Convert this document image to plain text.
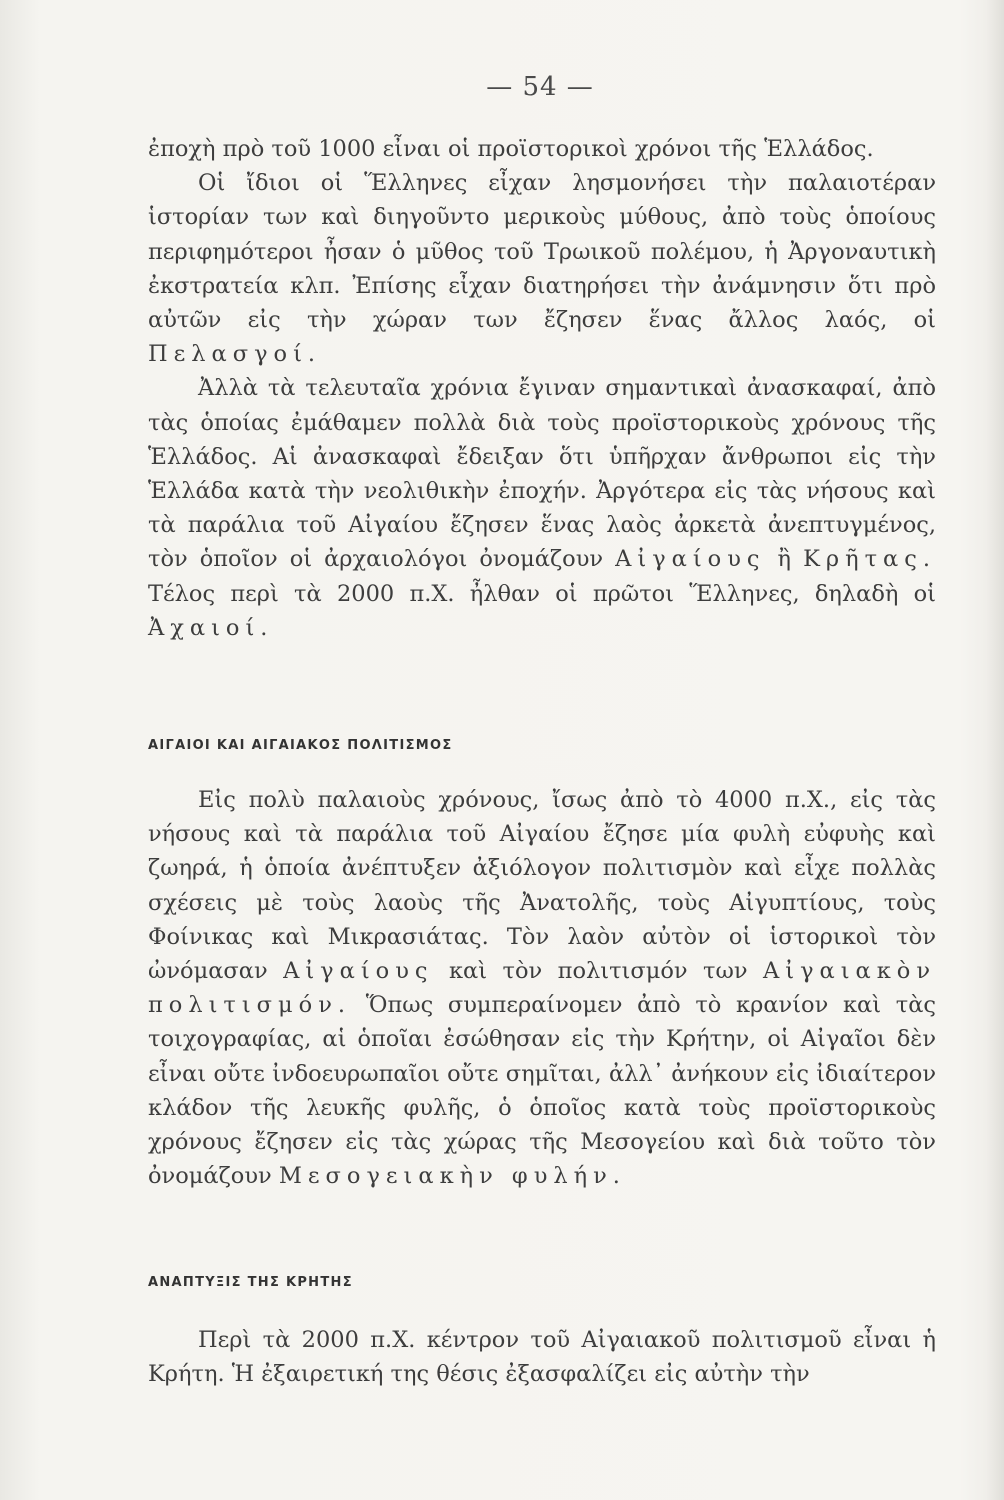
— 54 —

ἐποχὴ πρὸ τοῦ 1000 εἶναι οἱ προϊστορικοὶ χρόνοι τῆς Ἑλλάδος.

Οἱ ἴδιοι οἱ Ἕλληνες εἶχαν λησμονήσει τὴν παλαιοτέραν ἱστορίαν των καὶ διηγοῦντο μερικοὺς μύθους, ἀπὸ τοὺς ὁποίους περιφημότεροι ἦσαν ὁ μῦθος τοῦ Τρωικοῦ πολέμου, ἡ Ἀργοναυτικὴ ἐκστρατεία κλπ. Ἐπίσης εἶχαν διατηρήσει τὴν ἀνάμνησιν ὅτι πρὸ αὐτῶν εἰς τὴν χώραν των ἔζησεν ἕνας ἄλλος λαός, οἱ Πελασγοί.

Ἀλλὰ τὰ τελευταῖα χρόνια ἔγιναν σημαντικαὶ ἀνασκαφαί, ἀπὸ τὰς ὁποίας ἐμάθαμεν πολλὰ διὰ τοὺς προϊστορικοὺς χρόνους τῆς Ἑλλάδος. Αἱ ἀνασκαφαὶ ἔδειξαν ὅτι ὑπῆρχαν ἄνθρωποι εἰς τὴν Ἑλλάδα κατὰ τὴν νεολιθικὴν ἐποχήν. Ἀργότερα εἰς τὰς νήσους καὶ τὰ παράλια τοῦ Αἰγαίου ἔζησεν ἕνας λαὸς ἀρκετὰ ἀνεπτυγμένος, τὸν ὁποῖον οἱ ἀρχαιολόγοι ὀνομάζουν Αἰγαίους ἢ Κρῆτας. Τέλος περὶ τὰ 2000 π.Χ. ἦλθαν οἱ πρῶτοι Ἕλληνες, δηλαδὴ οἱ Ἀχαιοί.

ΑΙΓΑΙΟΙ ΚΑΙ ΑΙΓΑΙΑΚΟΣ ΠΟΛΙΤΙΣΜΟΣ

Εἰς πολὺ παλαιοὺς χρόνους, ἴσως ἀπὸ τὸ 4000 π.Χ., εἰς τὰς νήσους καὶ τὰ παράλια τοῦ Αἰγαίου ἔζησε μία φυλὴ εὐφυὴς καὶ ζωηρά, ἡ ὁποία ἀνέπτυξεν ἀξιόλογον πολιτισμὸν καὶ εἶχε πολλὰς σχέσεις μὲ τοὺς λαοὺς τῆς Ἀνατολῆς, τοὺς Αἰγυπτίους, τοὺς Φοίνικας καὶ Μικρασιάτας. Τὸν λαὸν αὐτὸν οἱ ἱστορικοὶ τὸν ὠνόμασαν Αἰγαίους καὶ τὸν πολιτισμόν των Αἰγαιακὸν πολιτισμόν. Ὅπως συμπεραίνομεν ἀπὸ τὸ κρανίον καὶ τὰς τοιχογραφίας, αἱ ὁποῖαι ἐσώθησαν εἰς τὴν Κρήτην, οἱ Αἰγαῖοι δὲν εἶναι οὔτε ἰνδοευρωπαῖοι οὔτε σημῖται, ἀλλ᾽ ἀνήκουν εἰς ἰδιαίτερον κλάδον τῆς λευκῆς φυλῆς, ὁ ὁποῖος κατὰ τοὺς προϊστορικοὺς χρόνους ἔζησεν εἰς τὰς χώρας τῆς Μεσογείου καὶ διὰ τοῦτο τὸν ὀνομάζουν Μεσογειακὴν φυλήν.

ΑΝΑΠΤΥΞΙΣ ΤΗΣ ΚΡΗΤΗΣ

Περὶ τὰ 2000 π.Χ. κέντρον τοῦ Αἰγαιακοῦ πολιτισμοῦ εἶναι ἡ Κρήτη. Ἡ ἐξαιρετική της θέσις ἐξασφαλίζει εἰς αὐτὴν τὴν
